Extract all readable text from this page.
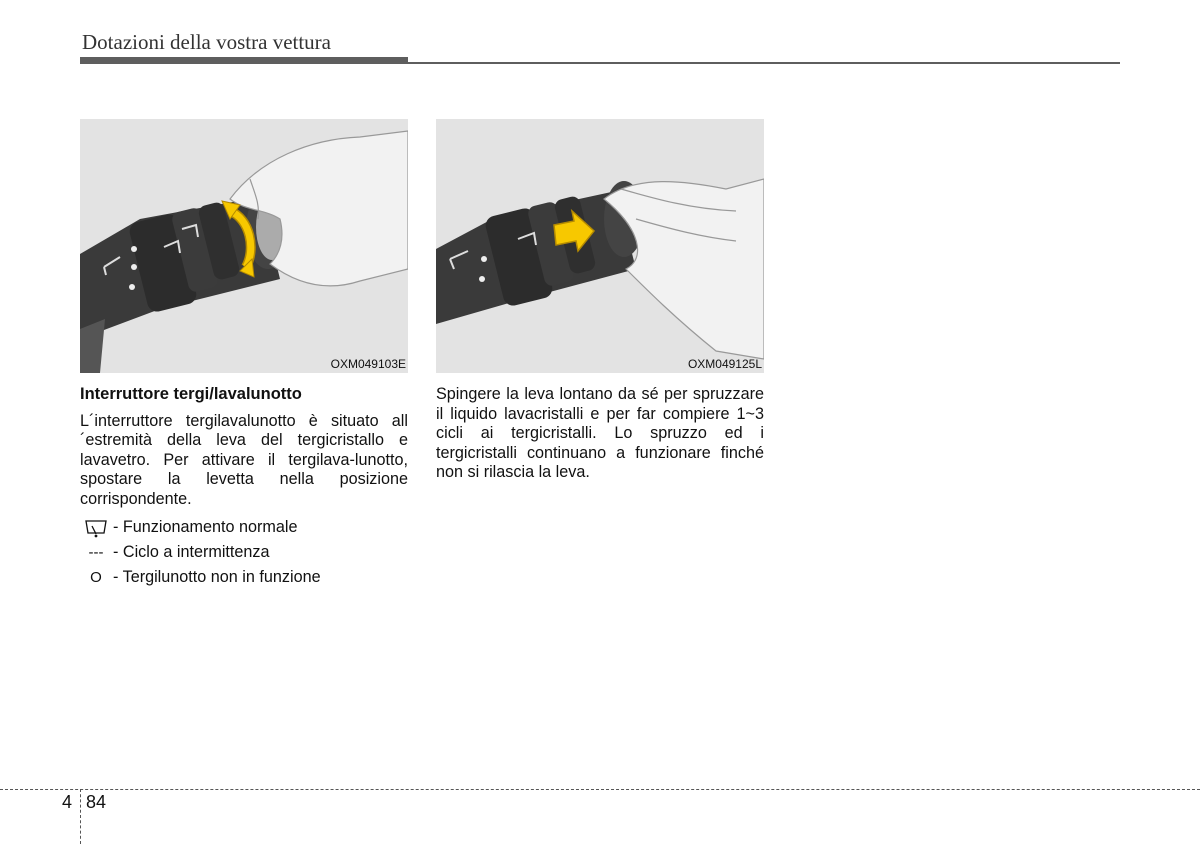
Dotazioni della vostra vettura
OXM049103E	OXM049125L
Interruttore tergi/lavalunotto

L´interruttore tergilavalunotto è situato all´estremità della leva del tergicristallo e lavavetro. Per attivare il tergilava-lunotto, spostare la levetta nella posizione corrispondente.

- Funzionamento normale
--- - Ciclo a intermittenza
O - Tergilunotto non in funzione

Spingere la leva lontano da sé per spruzzare il liquido lavacristalli e per far compiere 1~3 cicli ai tergicristalli. Lo spruzzo ed i tergicristalli continuano a funzionare finché non si rilascia la leva.

4 84
